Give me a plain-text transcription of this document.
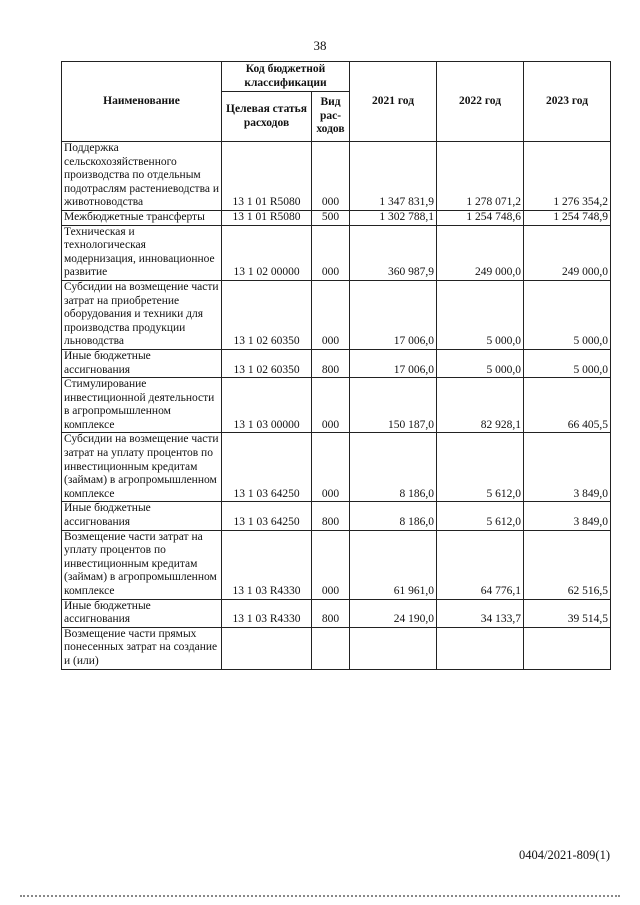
38
Наименование	Код бюджетной классификации		2021 год	2022 год	2023 год
	Целевая статья расходов	Вид рас-ходов			
Поддержка сельскохозяйственного производства по отдельным подотраслям растениеводства и животноводства	13 1 01 R5080	000	1 347 831,9	1 278 071,2	1 276 354,2
Межбюджетные трансферты	13 1 01 R5080	500	1 302 788,1	1 254 748,6	1 254 748,9
Техническая и технологическая модернизация, инновационное развитие	13 1 02 00000	000	360 987,9	249 000,0	249 000,0
Субсидии на возмещение части затрат на приобретение оборудования и техники для производства продукции льноводства	13 1 02 60350	000	17 006,0	5 000,0	5 000,0
Иные бюджетные ассигнования	13 1 02 60350	800	17 006,0	5 000,0	5 000,0
Стимулирование инвестиционной деятельности в агропромышленном комплексе	13 1 03 00000	000	150 187,0	82 928,1	66 405,5
Субсидии на возмещение части затрат на уплату процентов по инвестиционным кредитам (займам) в агропромышленном комплексе	13 1 03 64250	000	8 186,0	5 612,0	3 849,0
Иные бюджетные ассигнования	13 1 03 64250	800	8 186,0	5 612,0	3 849,0
Возмещение части затрат на уплату процентов по инвестиционным кредитам (займам) в агропромышленном комплексе	13 1 03 R4330	000	61 961,0	64 776,1	62 516,5
Иные бюджетные ассигнования	13 1 03 R4330	800	24 190,0	34 133,7	39 514,5
Возмещение части прямых понесенных затрат на создание и (или)					
0404/2021-809(1)
